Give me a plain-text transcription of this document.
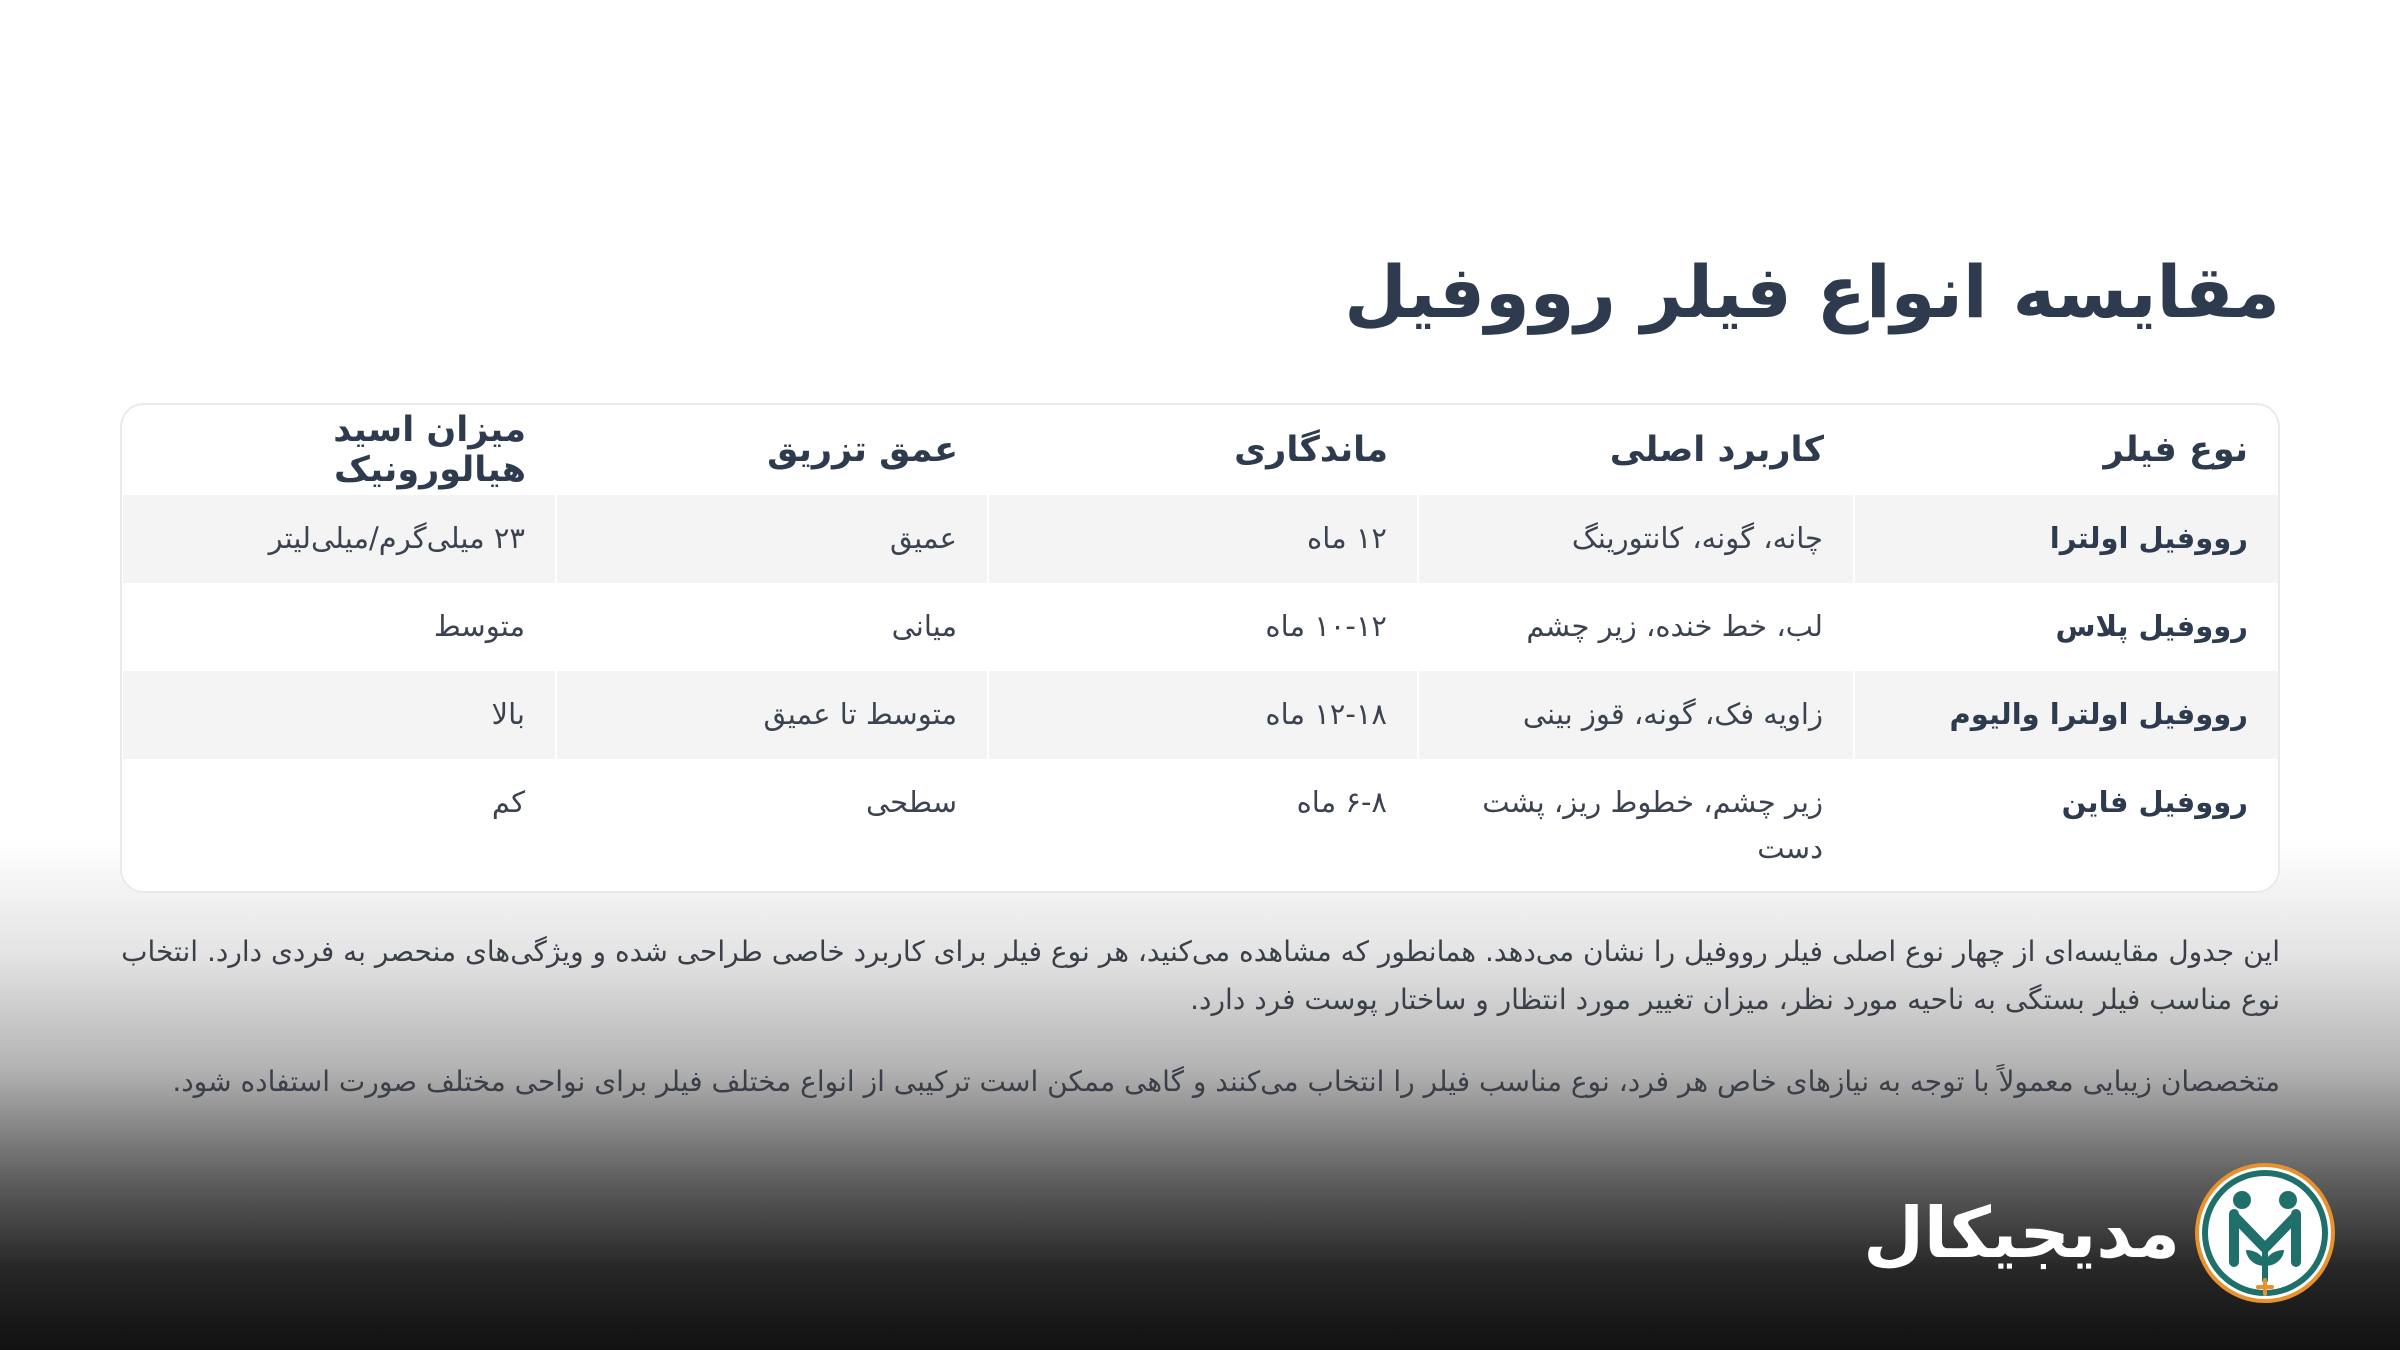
مقایسه انواع فیلر رووفیل
نوع فیلر	کاربرد اصلی	ماندگاری	عمق تزریق	میزان اسید هیالورونیک
رووفیل اولترا	چانه، گونه، کانتورینگ	۱۲ ماه	عمیق	۲۳ میلی‌گرم/میلی‌لیتر
رووفیل پلاس	لب، خط خنده، زیر چشم	۱۰-۱۲ ماه	میانی	متوسط
رووفیل اولترا والیوم	زاویه فک، گونه، قوز بینی	۱۲-۱۸ ماه	متوسط تا عمیق	بالا
رووفیل فاین	زیر چشم، خطوط ریز، پشت دست	۶-۸ ماه	سطحی	کم

این جدول مقایسه‌ای از چهار نوع اصلی فیلر رووفیل را نشان می‌دهد. همانطور که مشاهده می‌کنید، هر نوع فیلر برای کاربرد خاصی طراحی شده و ویژگی‌های منحصر به فردی دارد. انتخاب نوع مناسب فیلر بستگی به ناحیه مورد نظر، میزان تغییر مورد انتظار و ساختار پوست فرد دارد.

متخصصان زیبایی معمولاً با توجه به نیازهای خاص هر فرد، نوع مناسب فیلر را انتخاب می‌کنند و گاهی ممکن است ترکیبی از انواع مختلف فیلر برای نواحی مختلف صورت استفاده شود.

مدیجیکال
